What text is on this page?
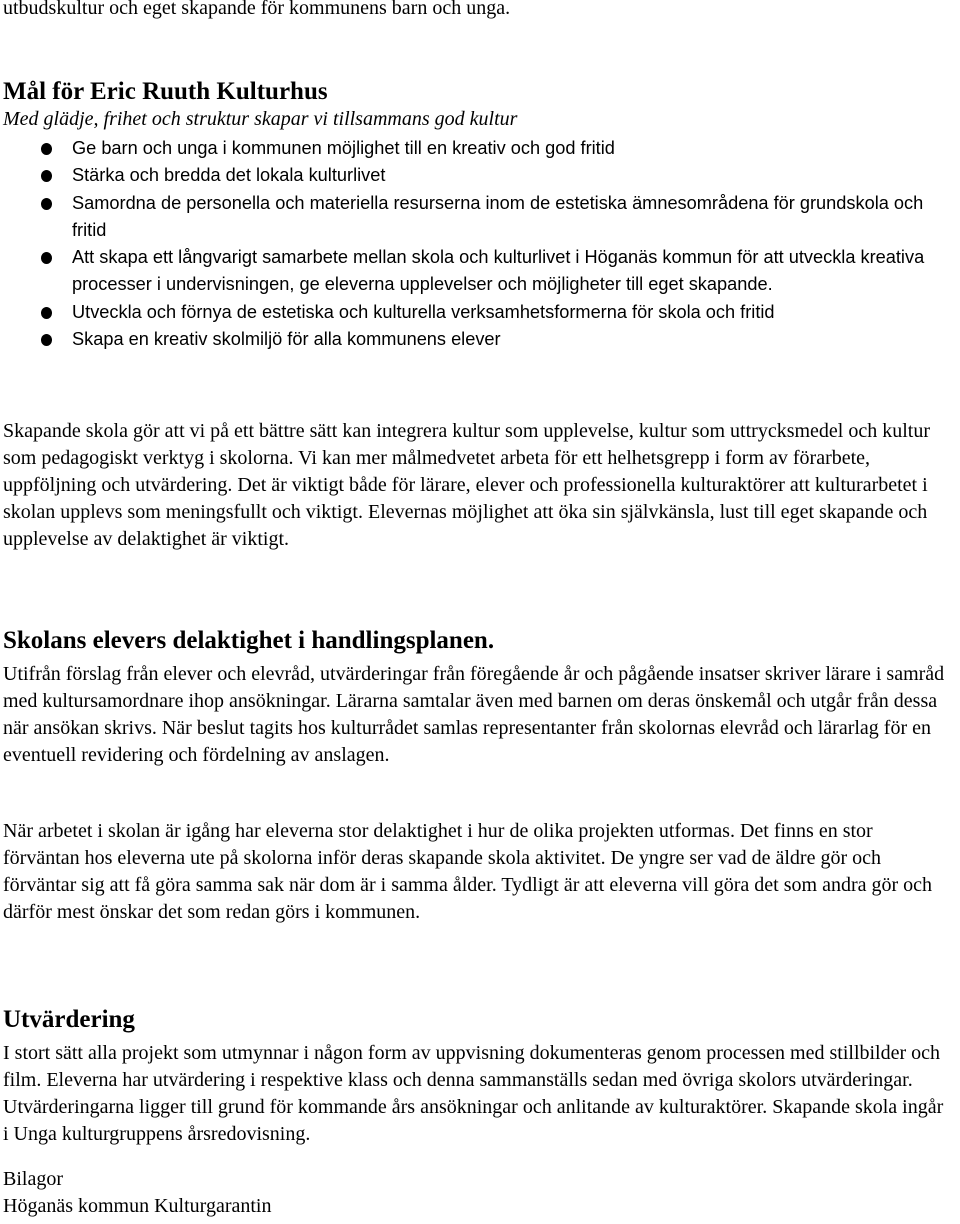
utbudskultur och eget skapande för kommunens barn och unga.
Mål för Eric Ruuth Kulturhus
Med glädje, frihet och struktur skapar vi tillsammans god kultur
Ge barn och unga i kommunen möjlighet till en kreativ och god fritid
Stärka och bredda det lokala kulturlivet
Samordna de personella och materiella resurserna inom de estetiska ämnesområdena för grundskola och fritid
Att skapa ett långvarigt samarbete mellan skola och kulturlivet i Höganäs kommun för att utveckla kreativa processer i undervisningen, ge eleverna upplevelser och möjligheter till eget skapande.
Utveckla och förnya de estetiska och kulturella verksamhetsformerna för skola och fritid
Skapa en kreativ skolmiljö för alla kommunens elever

Skapande skola gör att vi på ett bättre sätt kan integrera kultur som upplevelse, kultur som uttrycksmedel och kultur som pedagogiskt verktyg i skolorna. Vi kan mer målmedvetet arbeta för ett helhetsgrepp i form av förarbete, uppföljning och utvärdering. Det är viktigt både för lärare, elever och professionella kulturaktörer att kulturarbetet i skolan upplevs som meningsfullt och viktigt. Elevernas möjlighet att öka sin självkänsla, lust till eget skapande och upplevelse av delaktighet är viktigt.

Skolans elevers delaktighet i handlingsplanen.

Utifrån förslag från elever och elevråd, utvärderingar från föregående år och pågående insatser skriver lärare i samråd med kultursamordnare ihop ansökningar. Lärarna samtalar även med barnen om deras önskemål och utgår från dessa när ansökan skrivs. När beslut tagits hos kulturrådet samlas representanter från skolornas elevråd och lärarlag för en eventuell revidering och fördelning av anslagen.

När arbetet i skolan är igång har eleverna stor delaktighet i hur de olika projekten utformas. Det finns en stor förväntan hos eleverna ute på skolorna inför deras skapande skola aktivitet. De yngre ser vad de äldre gör och förväntar sig att få göra samma sak när dom är i samma ålder. Tydligt är att eleverna vill göra det som andra gör och därför mest önskar det som redan görs i kommunen.

Utvärdering

I stort sätt alla projekt som utmynnar i någon form av uppvisning dokumenteras genom processen med stillbilder och film. Eleverna har utvärdering i respektive klass och denna sammanställs sedan med övriga skolors utvärderingar. Utvärderingarna ligger till grund för kommande års ansökningar och anlitande av kulturaktörer. Skapande skola ingår i Unga kulturgruppens årsredovisning.

Bilagor
Höganäs kommun Kulturgarantin
